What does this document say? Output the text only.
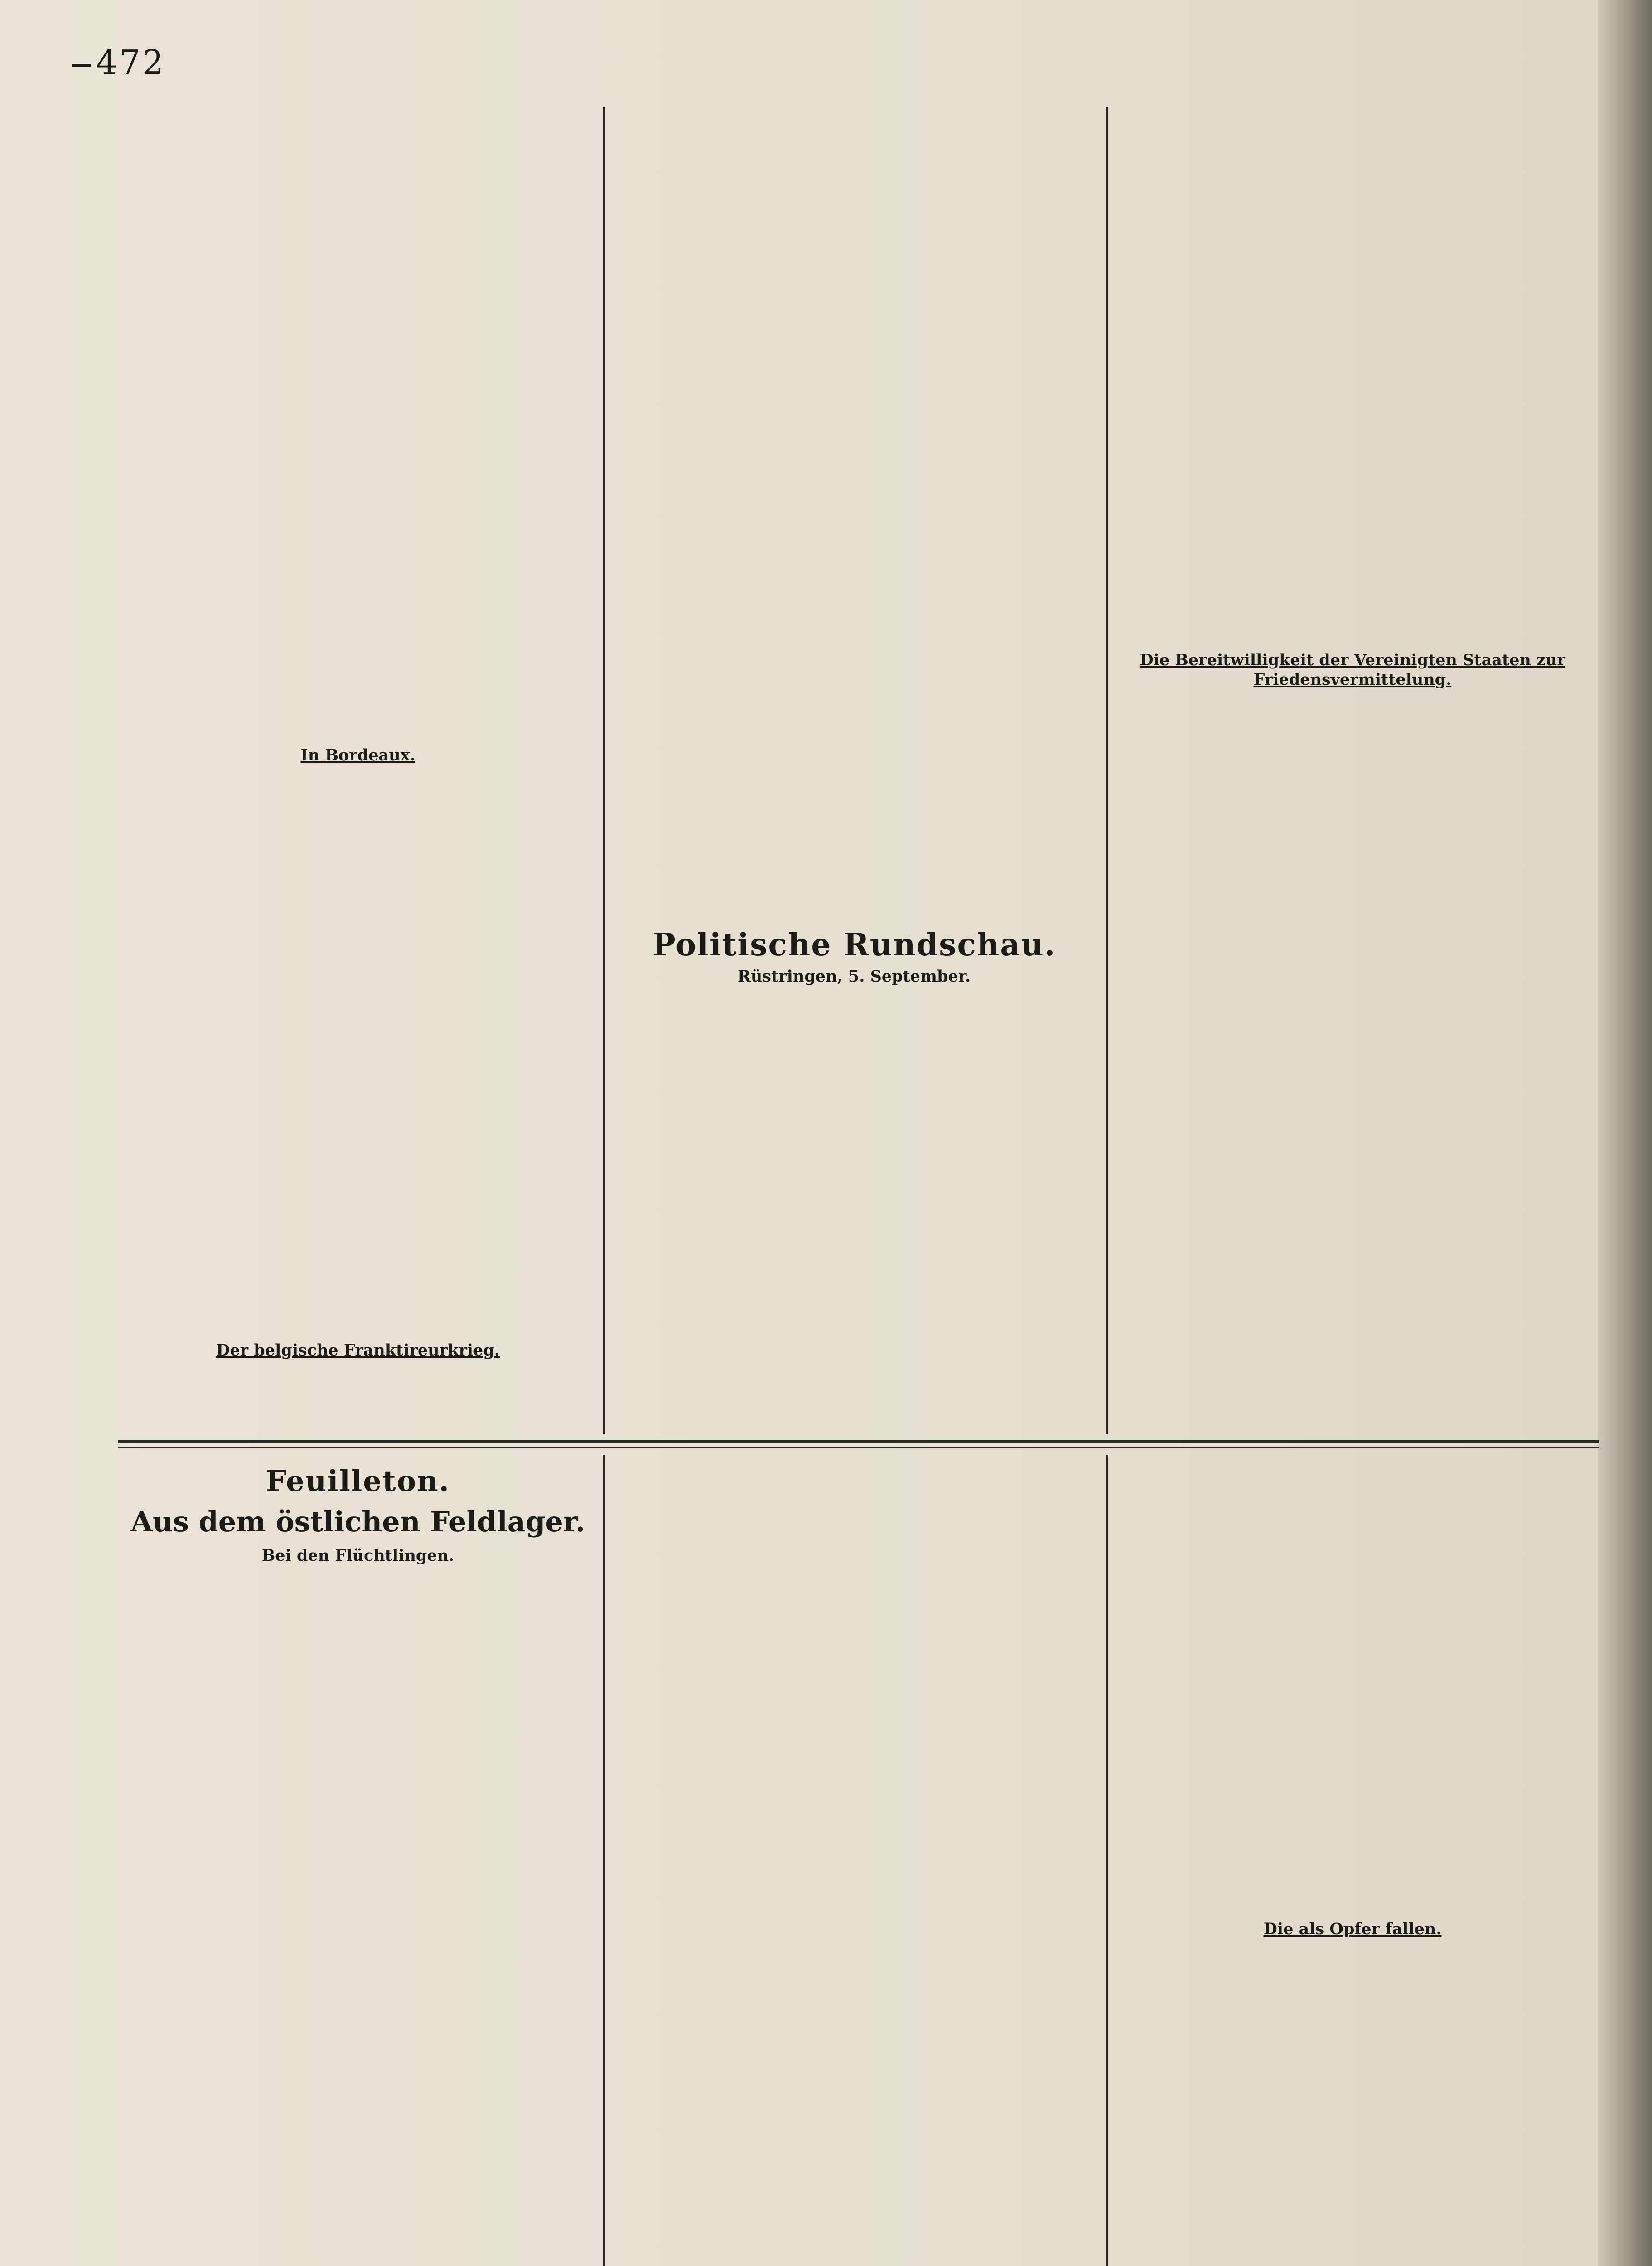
472
In Bordeaux.
Der belgische Franktireurkrieg.
Politische Rundschau.
Rüstringen, 5. September.
Die Bereitwilligkeit der Vereinigten Staaten zur Friedensvermittelung.
Feuilleton.
Aus dem östlichen Feldlager.
Bei den Flüchtlingen.
Die als Opfer fallen.
